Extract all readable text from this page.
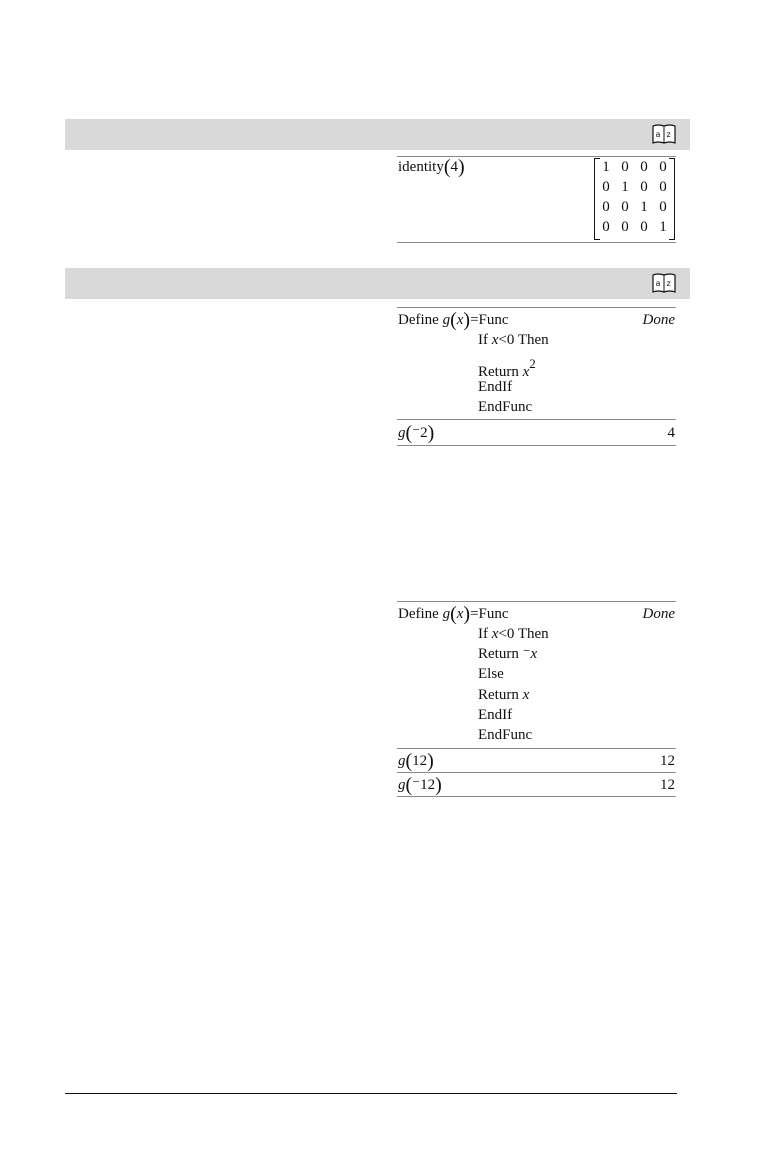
a z
identity(4)	1 0 0 0
0 1 0 0
0 0 1 0
0 0 0 1
a z
Define g(x)=Func	Done
If x<0 Then
Return $x^2$
EndIf
EndFunc
g(⁻2)	4
Define g(x)=Func	Done
If x<0 Then
Return ⁻x
Else
Return x
EndIf
EndFunc
g(12)	12
g(⁻12)	12
